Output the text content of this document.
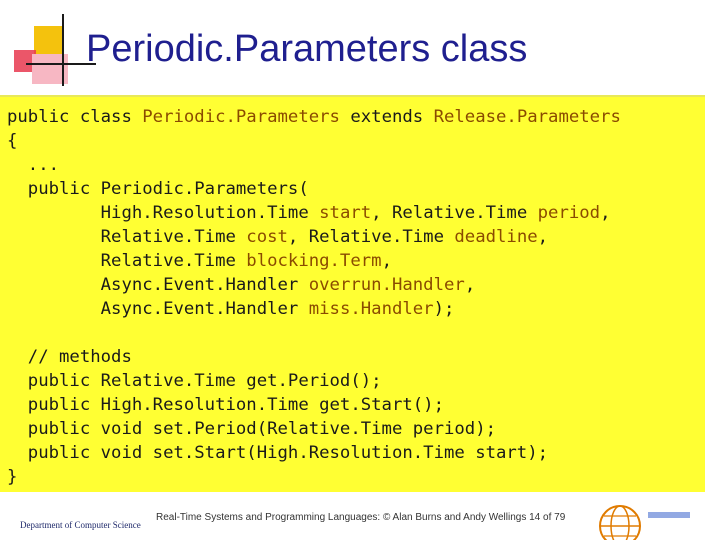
Periodic.Parameters class
Department of Computer Science
Real-Time Systems and Programming Languages: © Alan Burns and Andy Wellings 14 of 79
public class Periodic.Parameters extends Release.Parameters
{
...
public Periodic.Parameters(
High.Resolution.Time start, Relative.Time period,
Relative.Time cost, Relative.Time deadline,
Relative.Time blocking.Term,
Async.Event.Handler overrun.Handler,
Async.Event.Handler miss.Handler);

// methods
public Relative.Time get.Period();
public High.Resolution.Time get.Start();
public void set.Period(Relative.Time period);
public void set.Start(High.Resolution.Time start);
}
